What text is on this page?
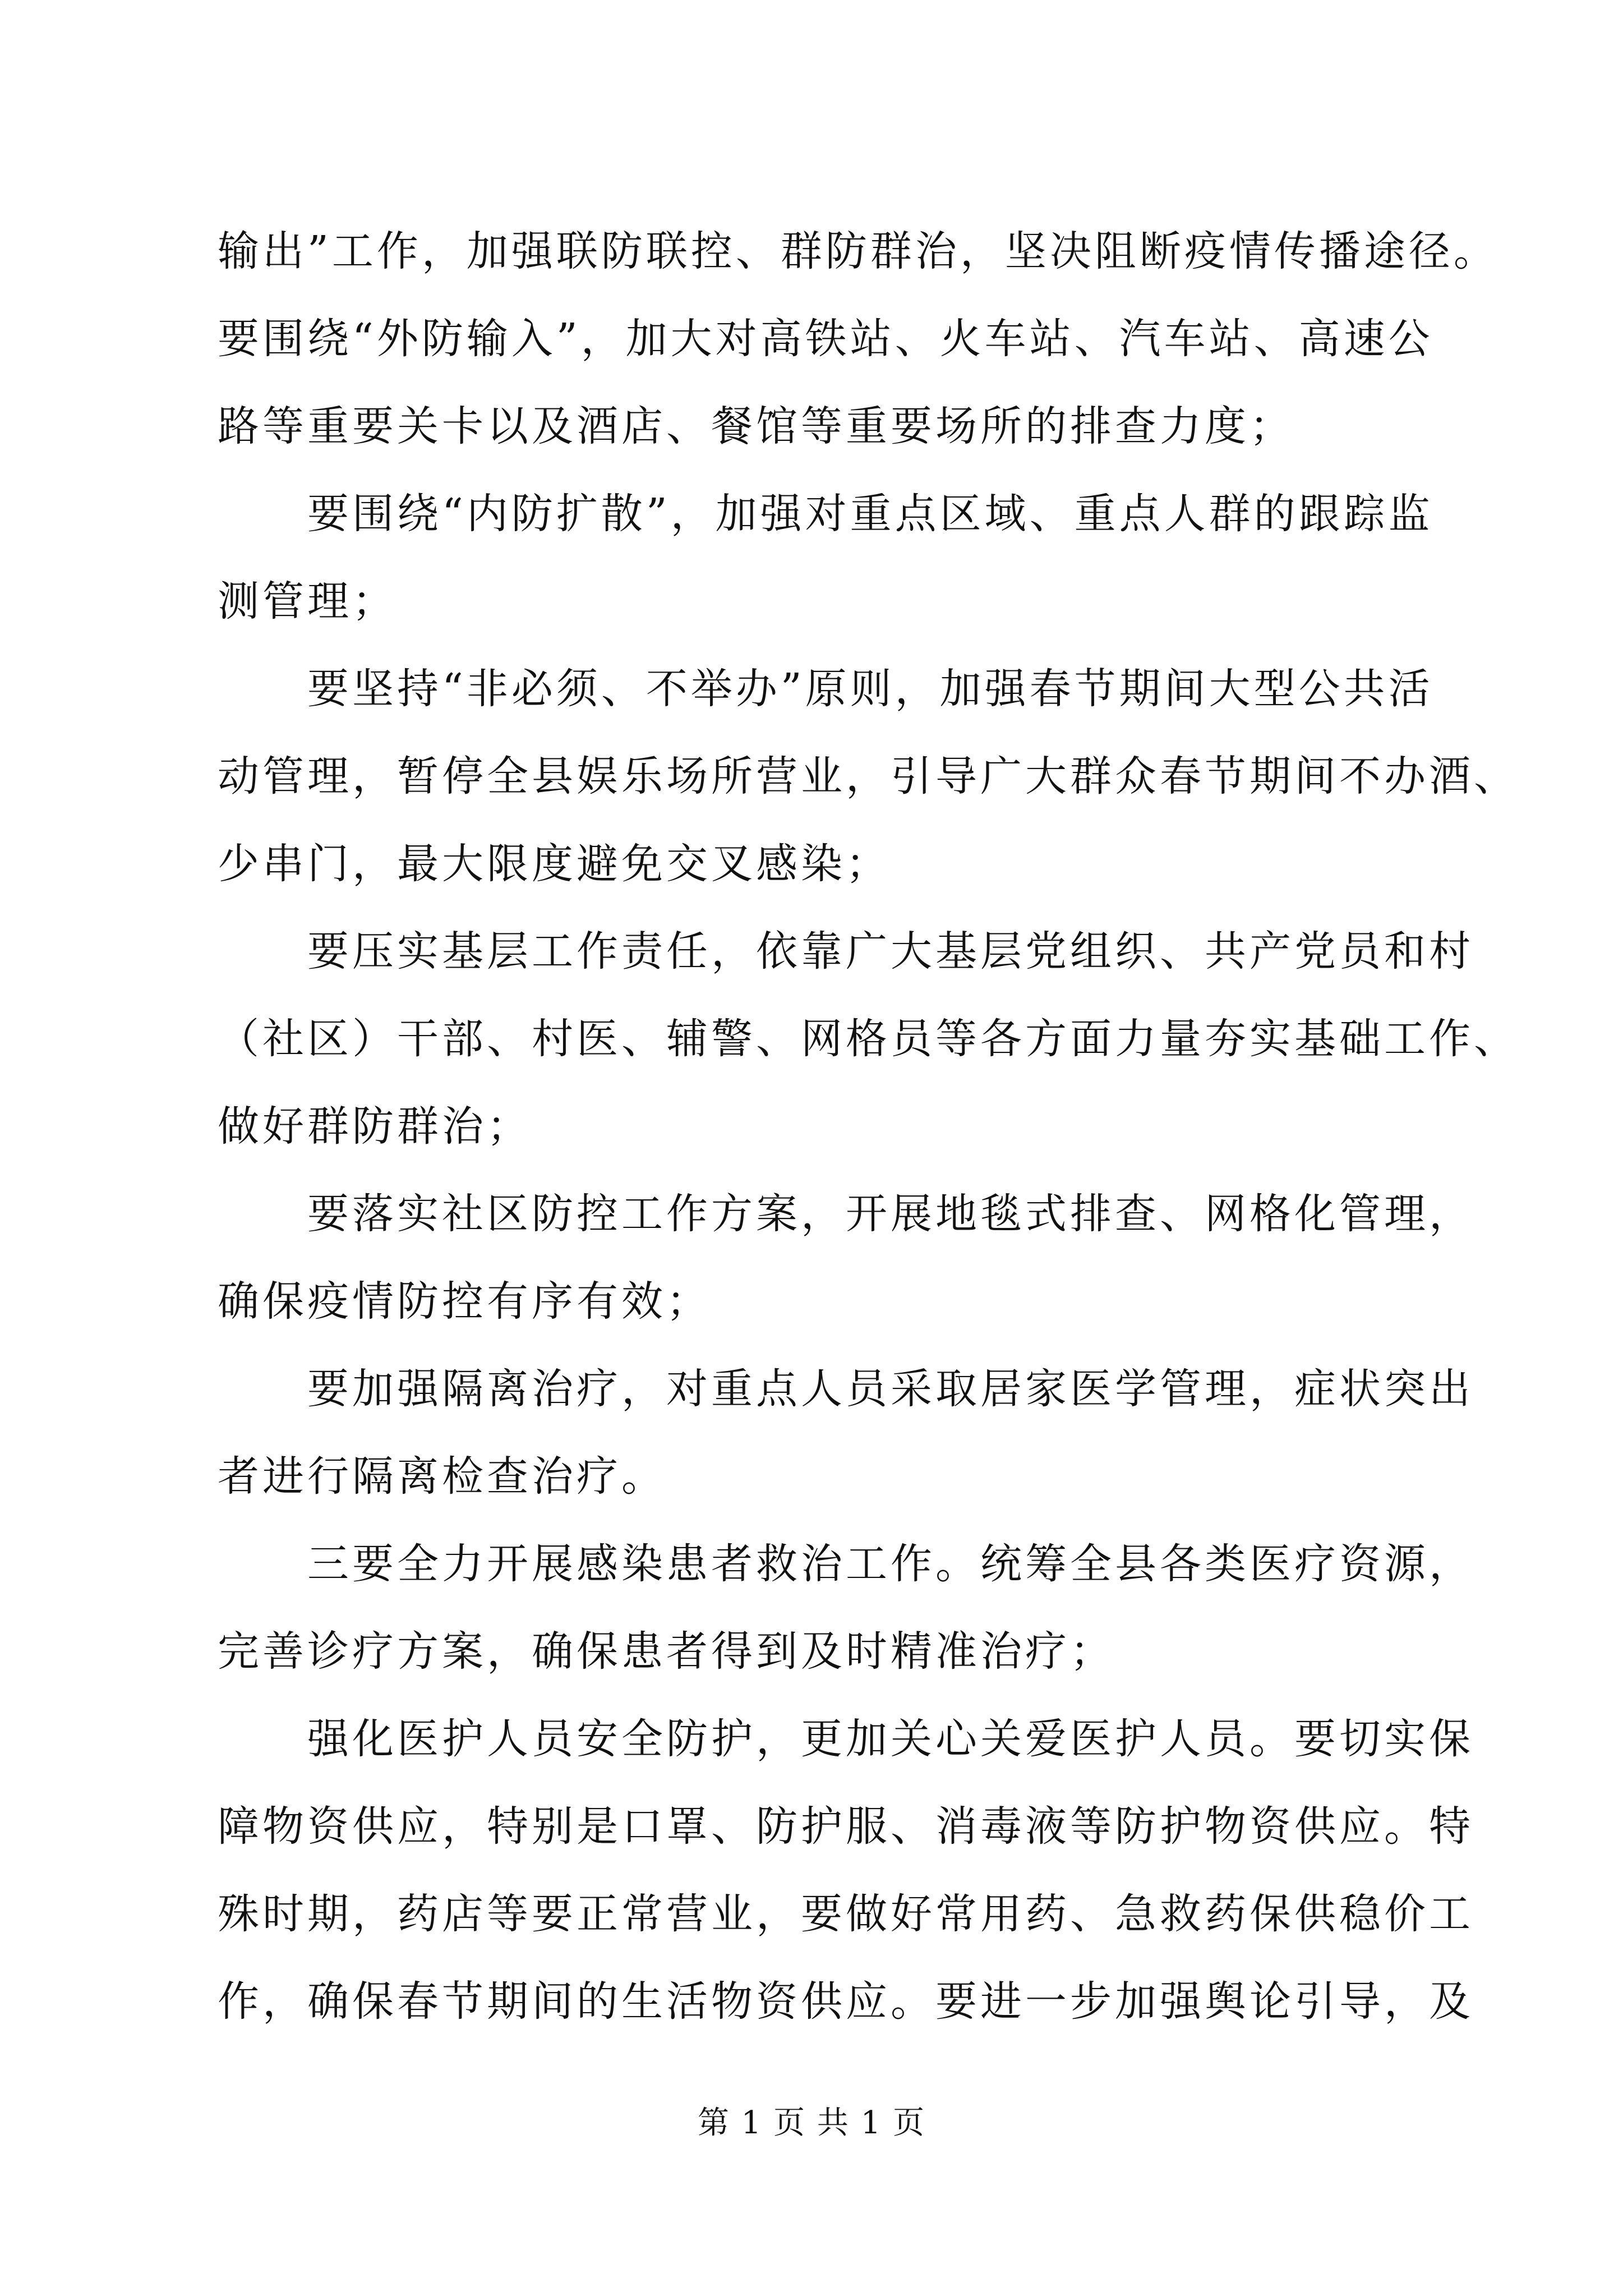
输出”工作，加强联防联控、群防群治，坚决阻断疫情传播途径。
要围绕“外防输入”，加大对高铁站、火车站、汽车站、高速公
路等重要关卡以及酒店、餐馆等重要场所的排查力度；
要围绕“内防扩散”，加强对重点区域、重点人群的跟踪监
测管理；
要坚持“非必须、不举办”原则，加强春节期间大型公共活
动管理，暂停全县娱乐场所营业，引导广大群众春节期间不办酒、
少串门，最大限度避免交叉感染；
要压实基层工作责任，依靠广大基层党组织、共产党员和村
（社区）干部、村医、辅警、网格员等各方面力量夯实基础工作、
做好群防群治；
要落实社区防控工作方案，开展地毯式排查、网格化管理，
确保疫情防控有序有效；
要加强隔离治疗，对重点人员采取居家医学管理，症状突出
者进行隔离检查治疗。
三要全力开展感染患者救治工作。统筹全县各类医疗资源，
完善诊疗方案，确保患者得到及时精准治疗；
强化医护人员安全防护，更加关心关爱医护人员。要切实保
障物资供应，特别是口罩、防护服、消毒液等防护物资供应。特
殊时期，药店等要正常营业，要做好常用药、急救药保供稳价工
作，确保春节期间的生活物资供应。要进一步加强舆论引导，及
第 1 页 共 1 页
